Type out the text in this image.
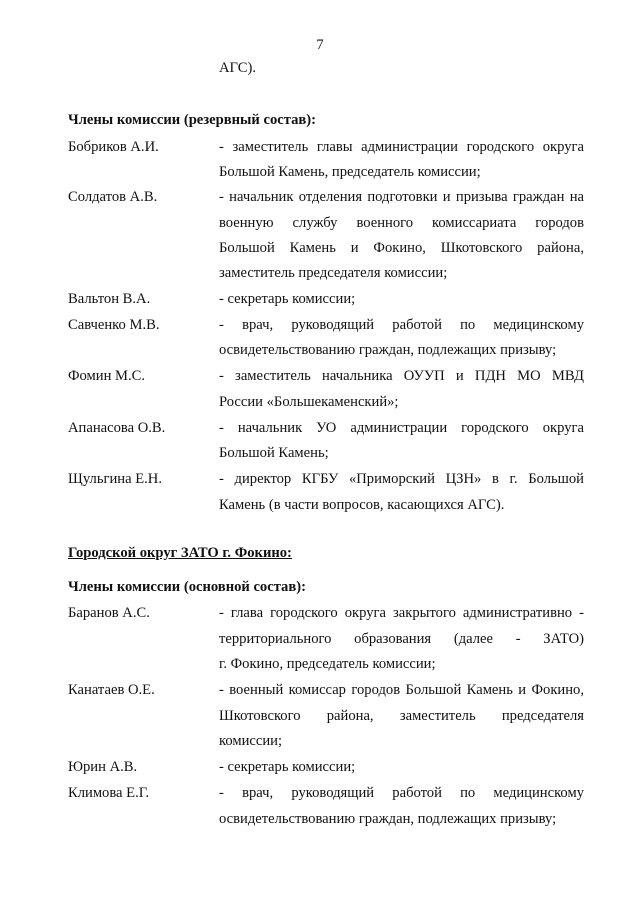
7
АГС).
Члены комиссии (резервный состав):
Бобриков А.И.	- заместитель главы администрации городского округа
Большой Камень, председатель комиссии;
Солдатов А.В.	- начальник отделения подготовки и призыва граждан на
военную службу военного комиссариата городов
Большой Камень и Фокино, Шкотовского района,
заместитель председателя комиссии;
Вальтон В.А.	- секретарь комиссии;
Савченко М.В.	- врач, руководящий работой по медицинскому
освидетельствованию граждан, подлежащих призыву;
Фомин М.С.	- заместитель начальника ОУУП и ПДН МО МВД
России «Большекаменский»;
Апанасова О.В.	- начальник УО администрации городского округа
Большой Камень;
Щульгина Е.Н.	- директор КГБУ «Приморский ЦЗН» в г. Большой
Камень (в части вопросов, касающихся АГС).
Городской округ ЗАТО г. Фокино:
Члены комиссии (основной состав):
Баранов А.С.	- глава городского округа закрытого административно -
территориального образования (далее - ЗАТО)
г. Фокино, председатель комиссии;
Канатаев О.Е.	- военный комиссар городов Большой Камень и Фокино,
Шкотовского района, заместитель председателя
комиссии;
Юрин А.В.	- секретарь комиссии;
Климова Е.Г.	- врач, руководящий работой по медицинскому
освидетельствованию граждан, подлежащих призыву;
